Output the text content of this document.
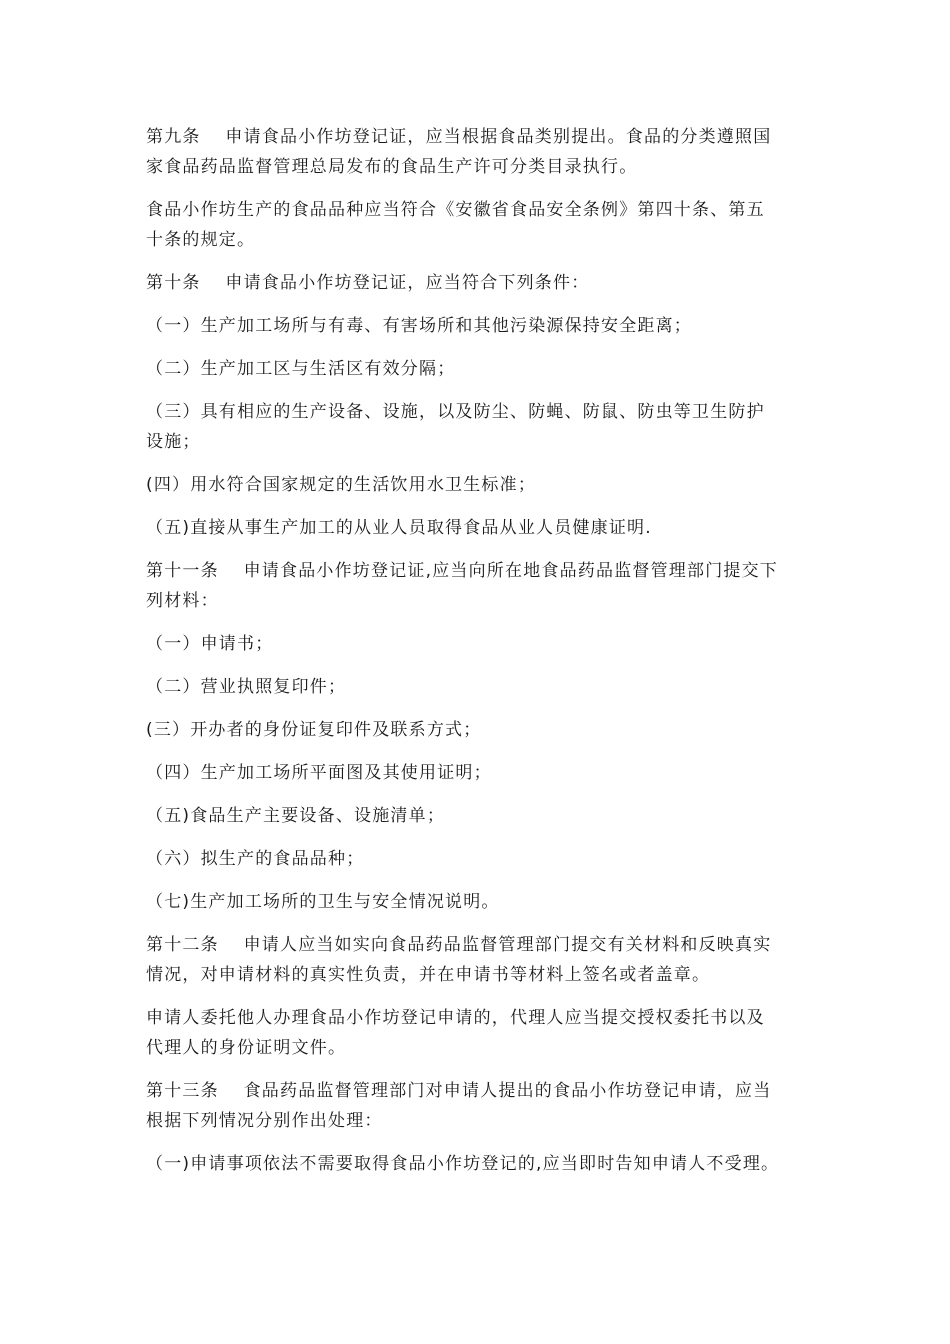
第九条　 申请食品小作坊登记证，应当根据食品类别提出。食品的分类遵照国
家食品药品监督管理总局发布的食品生产许可分类目录执行。

食品小作坊生产的食品品种应当符合《安徽省食品安全条例》第四十条、第五
十条的规定。

第十条　 申请食品小作坊登记证，应当符合下列条件：

（一）生产加工场所与有毒、有害场所和其他污染源保持安全距离；

（二）生产加工区与生活区有效分隔；

（三）具有相应的生产设备、设施，以及防尘、防蝇、防鼠、防虫等卫生防护
设施；

(四）用水符合国家规定的生活饮用水卫生标准；

（五)直接从事生产加工的从业人员取得食品从业人员健康证明.

第十一条　 申请食品小作坊登记证,应当向所在地食品药品监督管理部门提交下
列材料：

（一）申请书；

（二）营业执照复印件；

(三）开办者的身份证复印件及联系方式；

（四）生产加工场所平面图及其使用证明；

（五)食品生产主要设备、设施清单；

（六）拟生产的食品品种；

（七)生产加工场所的卫生与安全情况说明。

第十二条　 申请人应当如实向食品药品监督管理部门提交有关材料和反映真实
情况，对申请材料的真实性负责，并在申请书等材料上签名或者盖章。

申请人委托他人办理食品小作坊登记申请的，代理人应当提交授权委托书以及
代理人的身份证明文件。

第十三条　 食品药品监督管理部门对申请人提出的食品小作坊登记申请，应当
根据下列情况分别作出处理：

（一)申请事项依法不需要取得食品小作坊登记的,应当即时告知申请人不受理。
